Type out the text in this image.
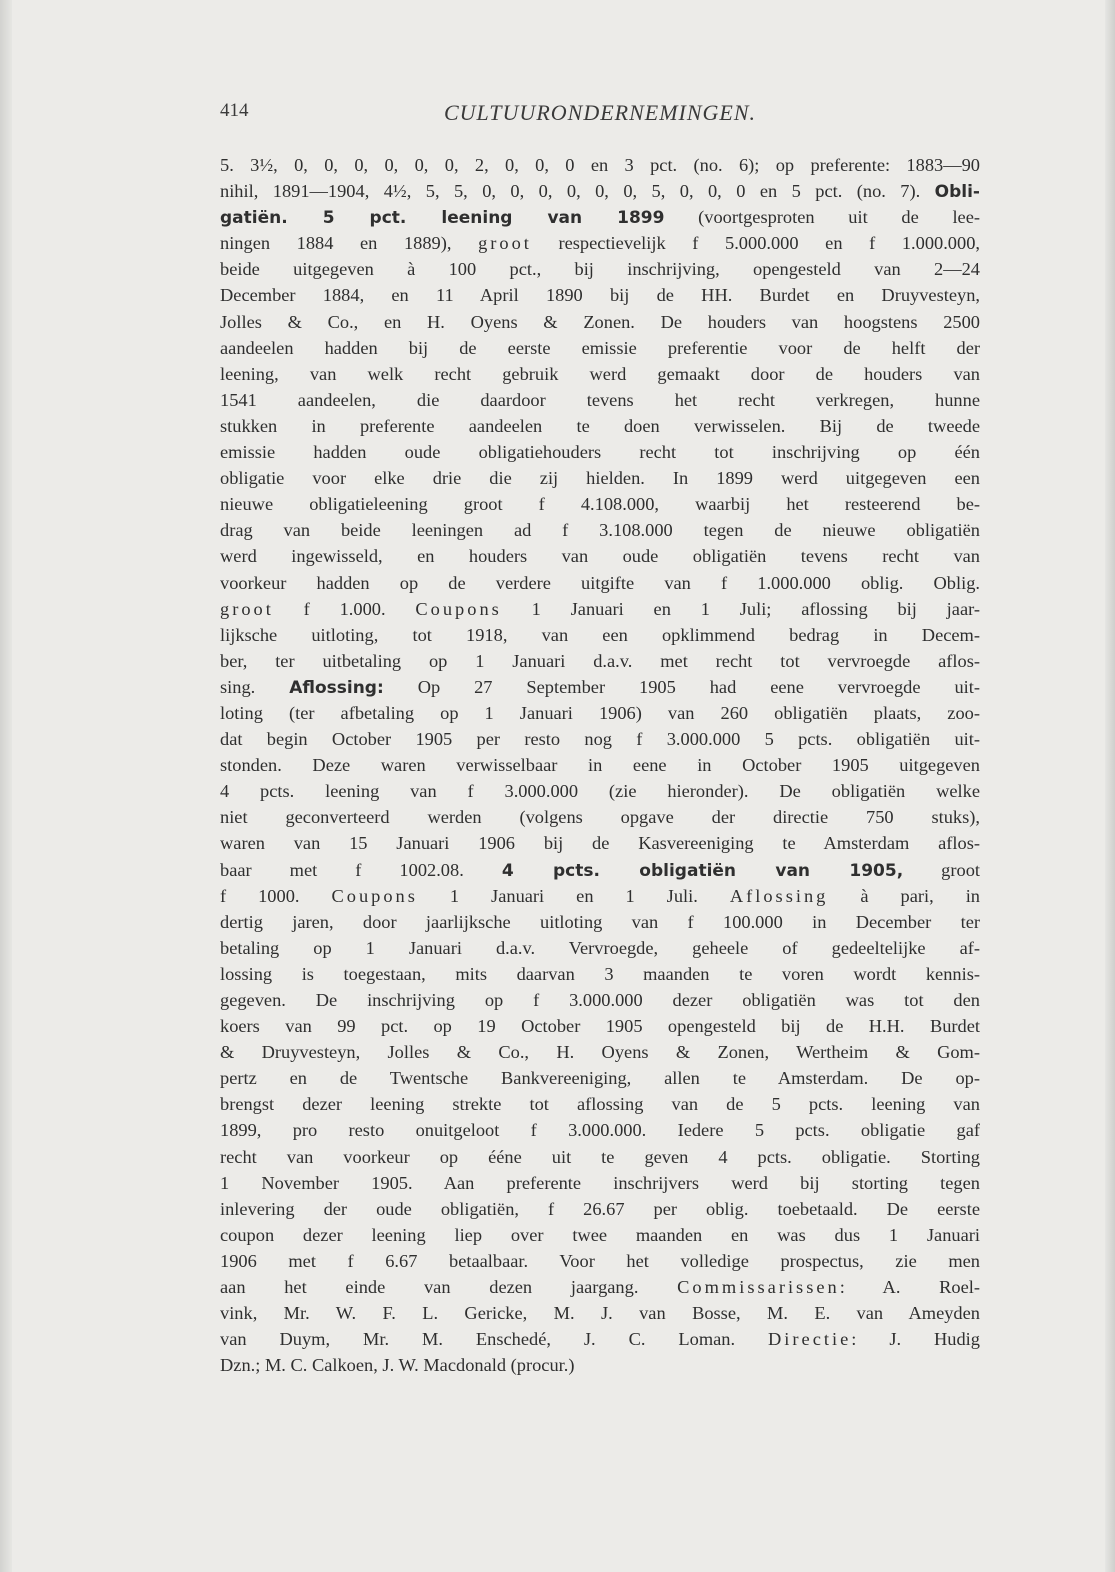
414	CULTUURONDERNEMINGEN.
5. 3½, 0, 0, 0, 0, 0, 0, 2, 0, 0, 0 en 3 pct. (no. 6); op preferente: 1883—90
nihil, 1891—1904, 4½, 5, 5, 0, 0, 0, 0, 0, 0, 5, 0, 0, 0 en 5 pct. (no. 7). Obli-
gatiën. 5 pct. leening van 1899 (voortgesproten uit de lee-
ningen 1884 en 1889), groot respectievelijk f 5.000.000 en f 1.000.000,
beide uitgegeven à 100 pct., bij inschrijving, opengesteld van 2—24
December 1884, en 11 April 1890 bij de HH. Burdet en Druyvesteyn,
Jolles & Co., en H. Oyens & Zonen. De houders van hoogstens 2500
aandeelen hadden bij de eerste emissie preferentie voor de helft der
leening, van welk recht gebruik werd gemaakt door de houders van
1541 aandeelen, die daardoor tevens het recht verkregen, hunne
stukken in preferente aandeelen te doen verwisselen. Bij de tweede
emissie hadden oude obligatiehouders recht tot inschrijving op één
obligatie voor elke drie die zij hielden. In 1899 werd uitgegeven een
nieuwe obligatieleening groot f 4.108.000, waarbij het resteerend be-
drag van beide leeningen ad f 3.108.000 tegen de nieuwe obligatiën
werd ingewisseld, en houders van oude obligatiën tevens recht van
voorkeur hadden op de verdere uitgifte van f 1.000.000 oblig. Oblig.
groot f 1.000. Coupons 1 Januari en 1 Juli; aflossing bij jaar-
lijksche uitloting, tot 1918, van een opklimmend bedrag in Decem-
ber, ter uitbetaling op 1 Januari d.a.v. met recht tot vervroegde aflos-
sing. Aflossing: Op 27 September 1905 had eene vervroegde uit-
loting (ter afbetaling op 1 Januari 1906) van 260 obligatiën plaats, zoo-
dat begin October 1905 per resto nog f 3.000.000 5 pcts. obligatiën uit-
stonden. Deze waren verwisselbaar in eene in October 1905 uitgegeven
4 pcts. leening van f 3.000.000 (zie hieronder). De obligatiën welke
niet geconverteerd werden (volgens opgave der directie 750 stuks),
waren van 15 Januari 1906 bij de Kasvereeniging te Amsterdam aflos-
baar met f 1002.08. 4 pcts. obligatiën van 1905, groot
f 1000. Coupons 1 Januari en 1 Juli. Aflossing à pari, in
dertig jaren, door jaarlijksche uitloting van f 100.000 in December ter
betaling op 1 Januari d.a.v. Vervroegde, geheele of gedeeltelijke af-
lossing is toegestaan, mits daarvan 3 maanden te voren wordt kennis-
gegeven. De inschrijving op f 3.000.000 dezer obligatiën was tot den
koers van 99 pct. op 19 October 1905 opengesteld bij de H.H. Burdet
& Druyvesteyn, Jolles & Co., H. Oyens & Zonen, Wertheim & Gom-
pertz en de Twentsche Bankvereeniging, allen te Amsterdam. De op-
brengst dezer leening strekte tot aflossing van de 5 pcts. leening van
1899, pro resto onuitgeloot f 3.000.000. Iedere 5 pcts. obligatie gaf
recht van voorkeur op éénе uit te geven 4 pcts. obligatie. Storting
1 November 1905. Aan preferente inschrijvers werd bij storting tegen
inlevering der oude obligatiën, f 26.67 per oblig. toebetaald. De eerste
coupon dezer leening liep over twee maanden en was dus 1 Januari
1906 met f 6.67 betaalbaar. Voor het volledige prospectus, zie men
aan het einde van dezen jaargang. Commissarissen: A. Roel-
vink, Mr. W. F. L. Gericke, M. J. van Bosse, M. E. van Ameyden
van Duym, Mr. M. Enschedé, J. C. Loman. Directie: J. Hudig
Dzn.; M. C. Calkoen, J. W. Macdonald (procur.)
